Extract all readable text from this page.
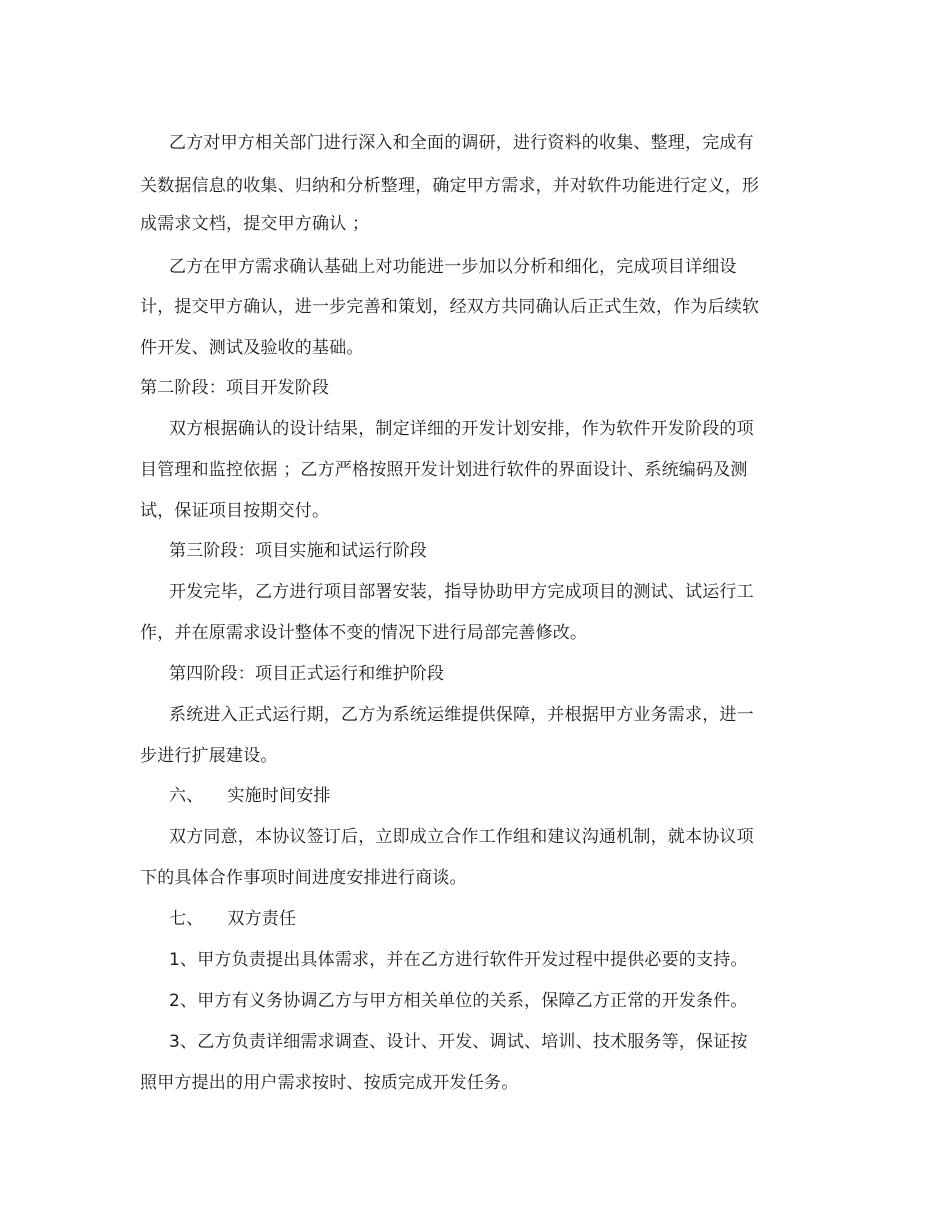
乙方对甲方相关部门进行深入和全面的调研，进行资料的收集、整理，完成有
关数据信息的收集、归纳和分析整理，确定甲方需求，并对软件功能进行定义，形
成需求文档，提交甲方确认 ；
乙方在甲方需求确认基础上对功能进一步加以分析和细化，完成项目详细设
计，提交甲方确认，进一步完善和策划，经双方共同确认后正式生效，作为后续软
件开发、测试及验收的基础。
第二阶段：项目开发阶段
双方根据确认的设计结果，制定详细的开发计划安排，作为软件开发阶段的项
目管理和监控依据 ；乙方严格按照开发计划进行软件的界面设计、系统编码及测
试，保证项目按期交付。
第三阶段：项目实施和试运行阶段
开发完毕，乙方进行项目部署安装，指导协助甲方完成项目的测试、试运行工
作，并在原需求设计整体不变的情况下进行局部完善修改。
第四阶段：项目正式运行和维护阶段
系统进入正式运行期，乙方为系统运维提供保障，并根据甲方业务需求，进一
步进行扩展建设。
六、 实施时间安排
双方同意，本协议签订后，立即成立合作工作组和建议沟通机制，就本协议项
下的具体合作事项时间进度安排进行商谈。
七、 双方责任
1、甲方负责提出具体需求，并在乙方进行软件开发过程中提供必要的支持。
2、甲方有义务协调乙方与甲方相关单位的关系，保障乙方正常的开发条件。
3、乙方负责详细需求调查、设计、开发、调试、培训、技术服务等，保证按
照甲方提出的用户需求按时、按质完成开发任务。
